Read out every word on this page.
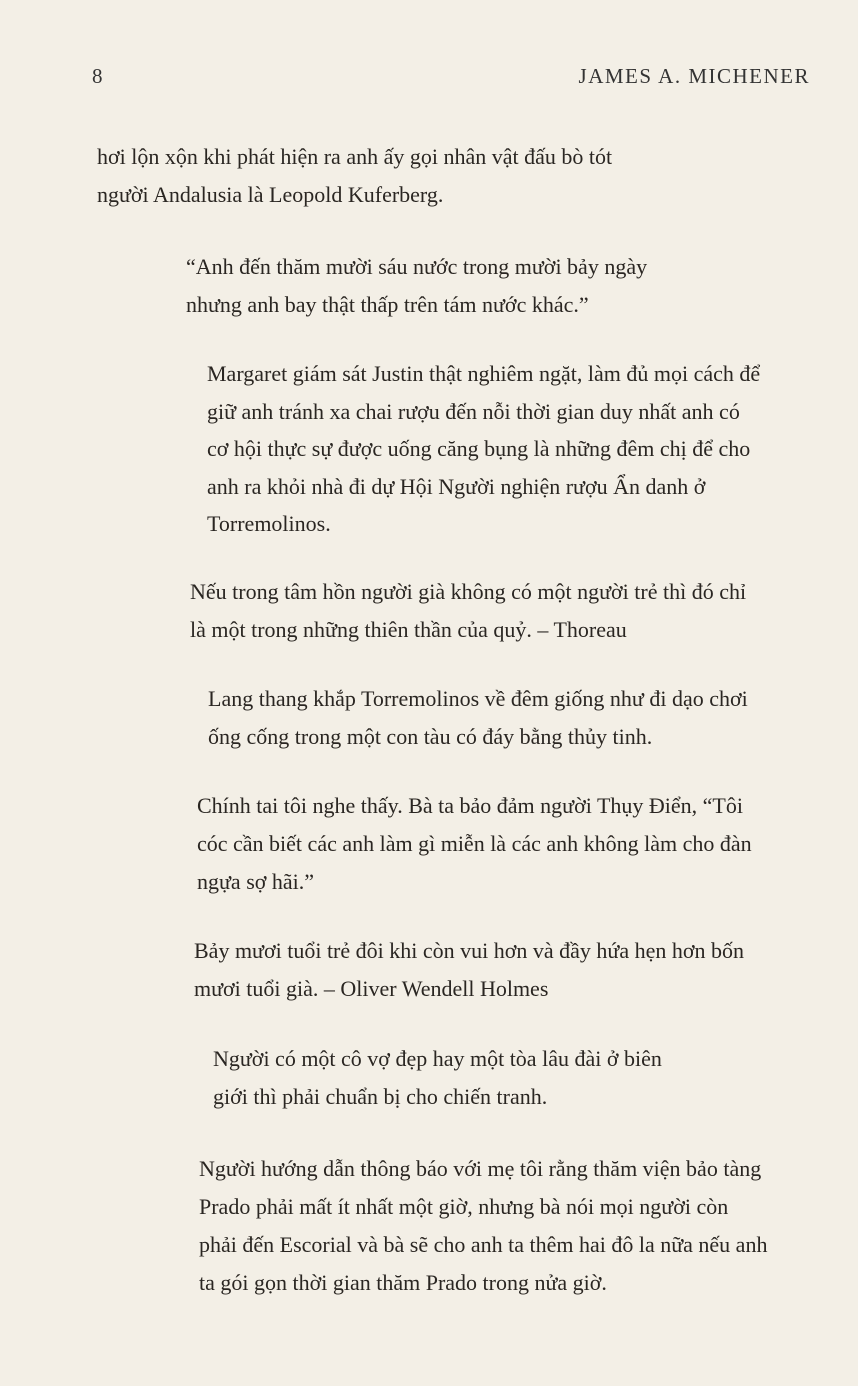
8	JAMES A. MICHENER

hơi lộn xộn khi phát hiện ra anh ấy gọi nhân vật đấu bò tót
người Andalusia là Leopold Kuferberg.

“Anh đến thăm mười sáu nước trong mười bảy ngày
nhưng anh bay thật thấp trên tám nước khác.”

Margaret giám sát Justin thật nghiêm ngặt, làm đủ mọi cách để
giữ anh tránh xa chai rượu đến nỗi thời gian duy nhất anh có
cơ hội thực sự được uống căng bụng là những đêm chị để cho
anh ra khỏi nhà đi dự Hội Người nghiện rượu Ẩn danh ở
Torremolinos.

Nếu trong tâm hồn người già không có một người trẻ thì đó chỉ
là một trong những thiên thần của quỷ. – Thoreau

Lang thang khắp Torremolinos về đêm giống như đi dạo chơi
ống cống trong một con tàu có đáy bằng thủy tinh.

Chính tai tôi nghe thấy. Bà ta bảo đảm người Thụy Điển, “Tôi
cóc cần biết các anh làm gì miễn là các anh không làm cho đàn
ngựa sợ hãi.”

Bảy mươi tuổi trẻ đôi khi còn vui hơn và đầy hứa hẹn hơn bốn
mươi tuổi già. – Oliver Wendell Holmes

Người có một cô vợ đẹp hay một tòa lâu đài ở biên
giới thì phải chuẩn bị cho chiến tranh.

Người hướng dẫn thông báo với mẹ tôi rằng thăm viện bảo tàng
Prado phải mất ít nhất một giờ, nhưng bà nói mọi người còn
phải đến Escorial và bà sẽ cho anh ta thêm hai đô la nữa nếu anh
ta gói gọn thời gian thăm Prado trong nửa giờ.
